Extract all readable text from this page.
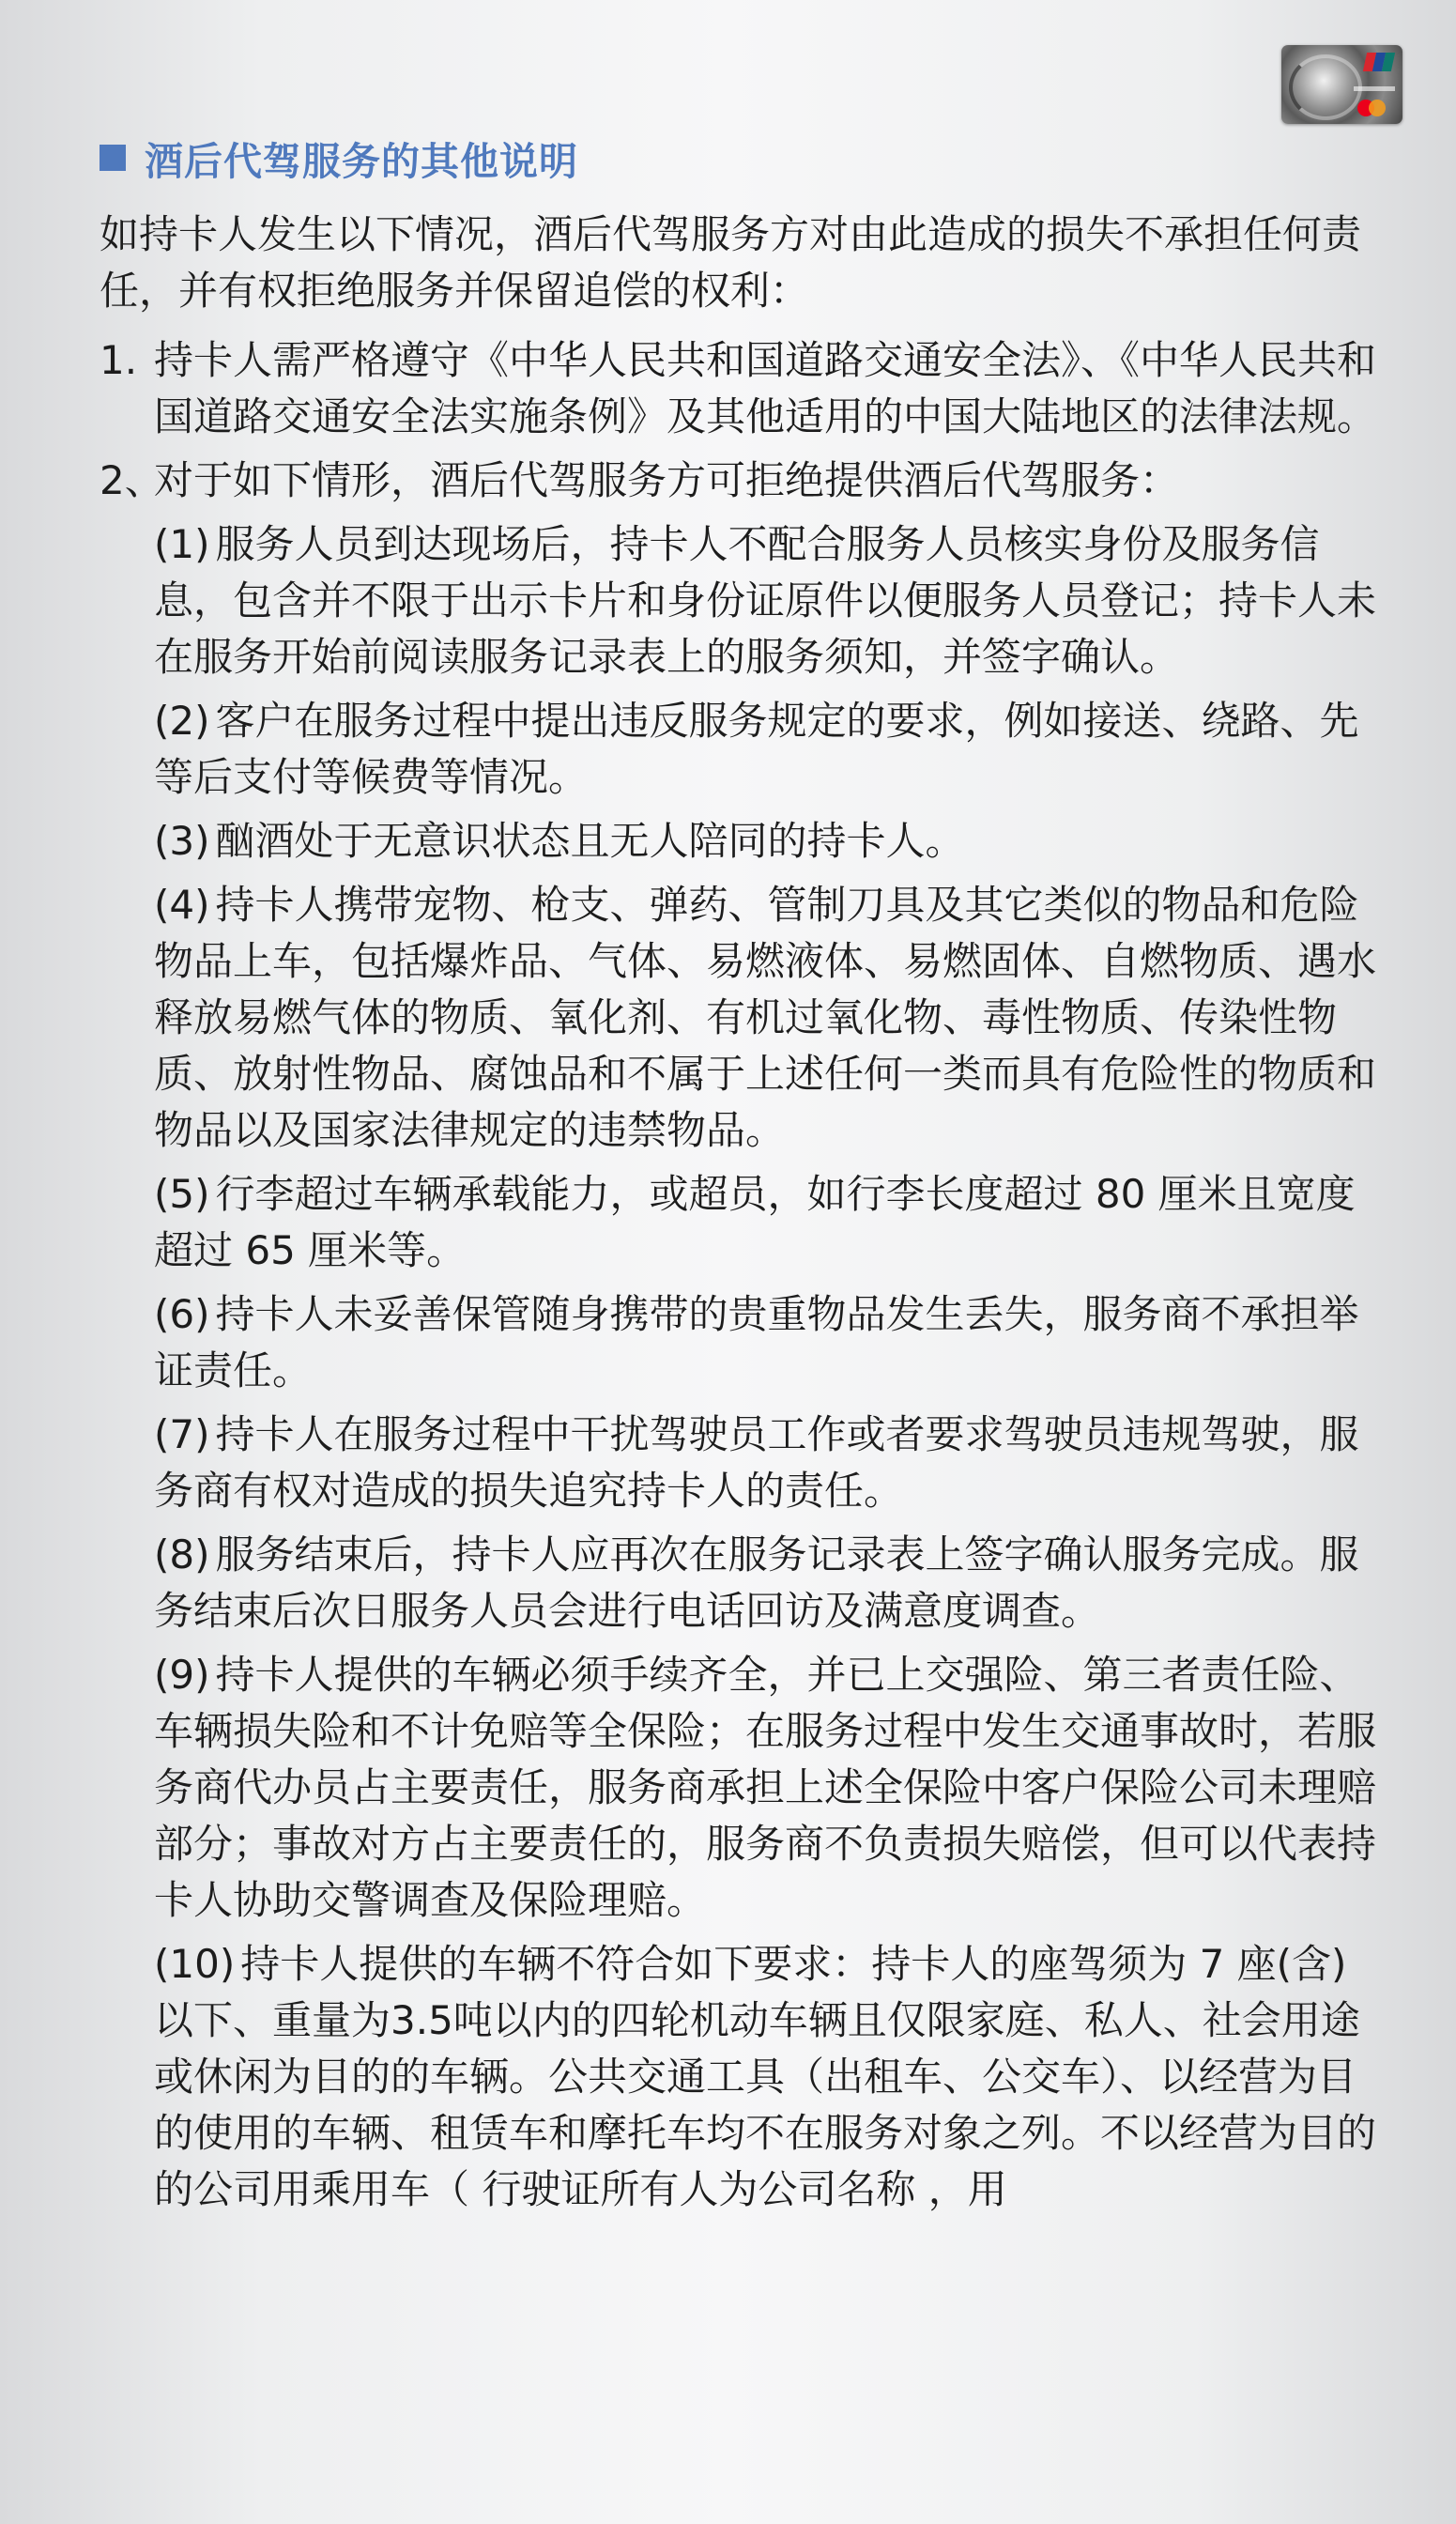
酒后代驾服务的其他说明

如持卡人发生以下情况，酒后代驾服务方对由此造成的损失不承担任何责任，并有权拒绝服务并保留追偿的权利：

1. 持卡人需严格遵守《中华人民共和国道路交通安全法》、《中华人民共和国道路交通安全法实施条例》及其他适用的中国大陆地区的法律法规。
2、
对于如下情形，酒后代驾服务方可拒绝提供酒后代驾服务：
(1) 服务人员到达现场后，持卡人不配合服务人员核实身份及服务信息，包含并不限于出示卡片和身份证原件以便服务人员登记；持卡人未在服务开始前阅读服务记录表上的服务须知，并签字确认。
(2) 客户在服务过程中提出违反服务规定的要求，例如接送、绕路、先等后支付等候费等情况。
(3) 酗酒处于无意识状态且无人陪同的持卡人。
(4) 持卡人携带宠物、枪支、弹药、管制刀具及其它类似的物品和危险物品上车，包括爆炸品、气体、易燃液体、易燃固体、自燃物质、遇水释放易燃气体的物质、氧化剂、有机过氧化物、毒性物质、传染性物质、放射性物品、腐蚀品和不属于上述任何一类而具有危险性的物质和物品以及国家法律规定的违禁物品。
(5) 行李超过车辆承载能力，或超员，如行李长度超过 80 厘米且宽度超过 65 厘米等。
(6) 持卡人未妥善保管随身携带的贵重物品发生丢失，服务商不承担举证责任。
(7) 持卡人在服务过程中干扰驾驶员工作或者要求驾驶员违规驾驶，服务商有权对造成的损失追究持卡人的责任。
(8) 服务结束后，持卡人应再次在服务记录表上签字确认服务完成。服务结束后次日服务人员会进行电话回访及满意度调查。
(9) 持卡人提供的车辆必须手续齐全，并已上交强险、第三者责任险、车辆损失险和不计免赔等全保险；在服务过程中发生交通事故时，若服务商代办员占主要责任，服务商承担上述全保险中客户保险公司未理赔部分；事故对方占主要责任的，服务商不负责损失赔偿，但可以代表持卡人协助交警调查及保险理赔。
(10) 持卡人提供的车辆不符合如下要求：持卡人的座驾须为 7 座(含)以下、重量为3.5吨以内的四轮机动车辆且仅限家庭、私人、社会用途或休闲为目的的车辆。公共交通工具（出租车、公交车）、以经营为目的使用的车辆、租赁车和摩托车均不在服务对象之列。不以经营为目的的公司用乘用车（ 行驶证所有人为公司名称 ，用
